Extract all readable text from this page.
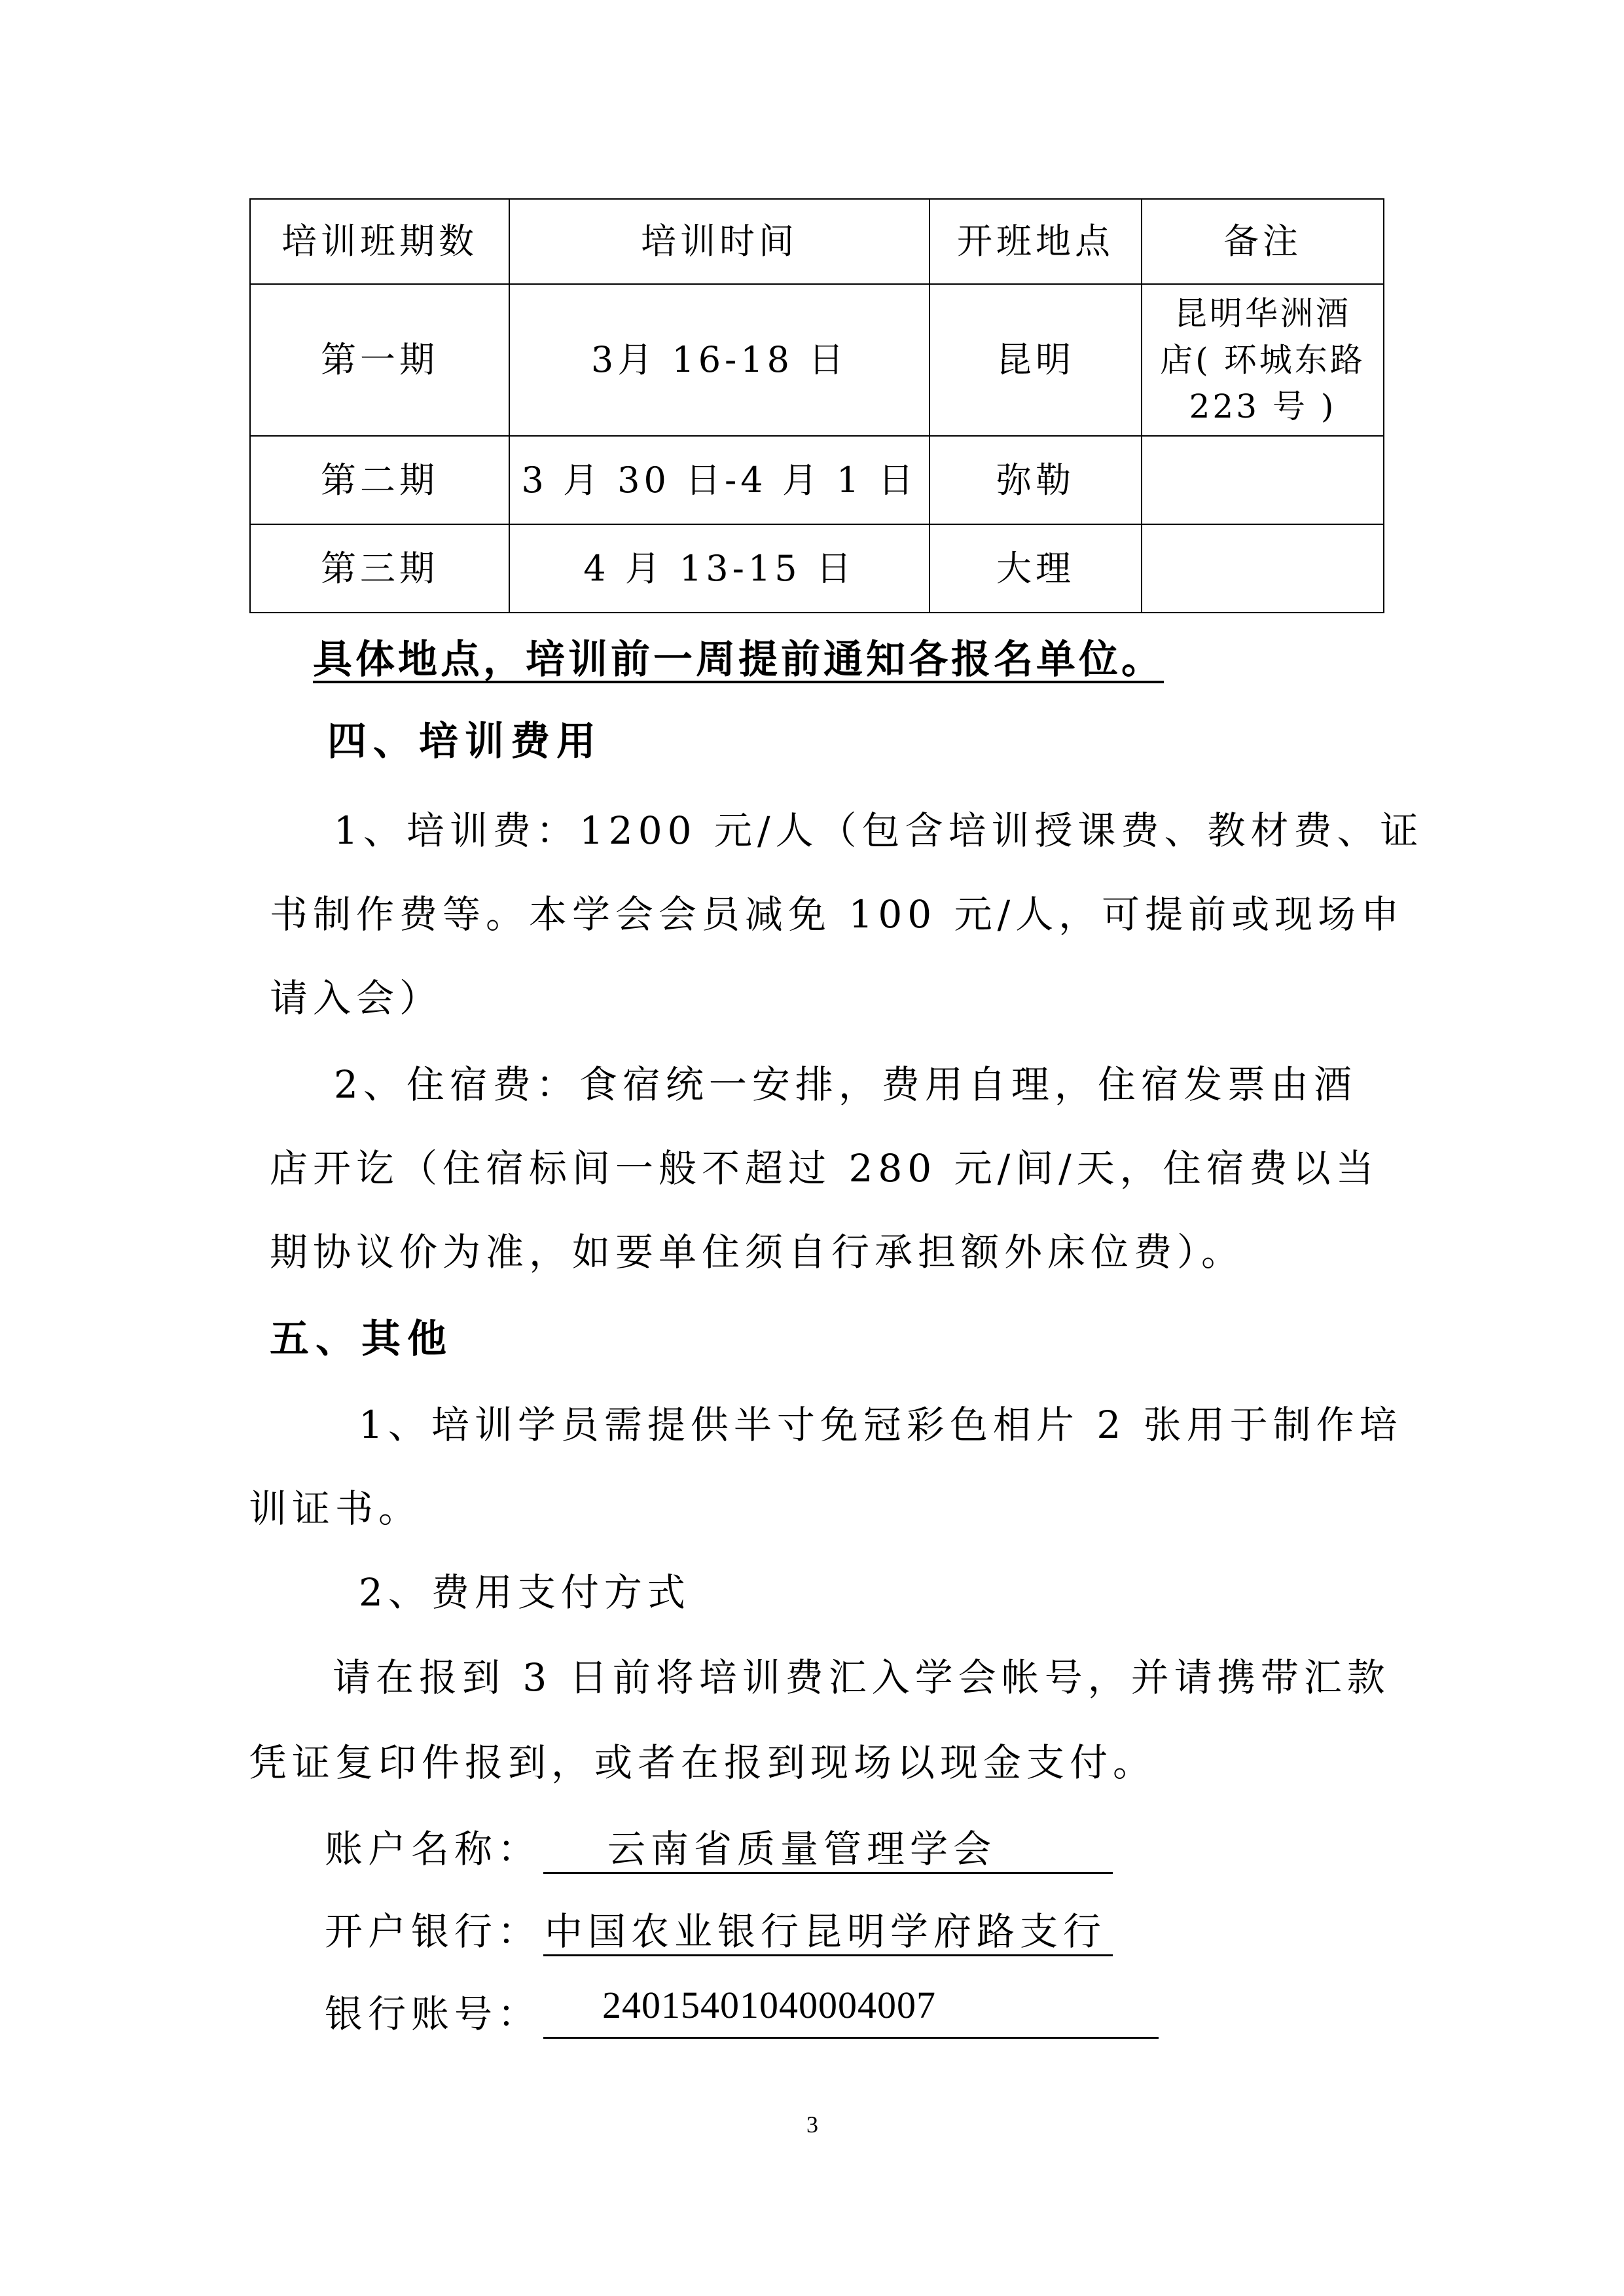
培训班期数	培训时间	开班地点	备注
第一期	3月 16-18 日	昆明	昆明华洲酒
店( 环城东路
223 号 )

第二期	3 月 30 日-4 月 1 日	弥勒	
第三期	4 月 13-15 日	大理	
具体地点，培训前一周提前通知各报名单位。
四、培训费用
1、培训费：1200 元/人（包含培训授课费、教材费、证
书制作费等。本学会会员减免 100 元/人，可提前或现场申
请入会）
2、住宿费：食宿统一安排，费用自理，住宿发票由酒
店开讫（住宿标间一般不超过 280 元/间/天，住宿费以当
期协议价为准，如要单住须自行承担额外床位费）。
五、其他
1、培训学员需提供半寸免冠彩色相片 2 张用于制作培
训证书。
2、费用支付方式
请在报到 3 日前将培训费汇入学会帐号，并请携带汇款
凭证复印件报到，或者在报到现场以现金支付。
账户名称： 云南省质量管理学会
开户银行： 中国农业银行昆明学府路支行
银行账号： 24015401040004007
3
